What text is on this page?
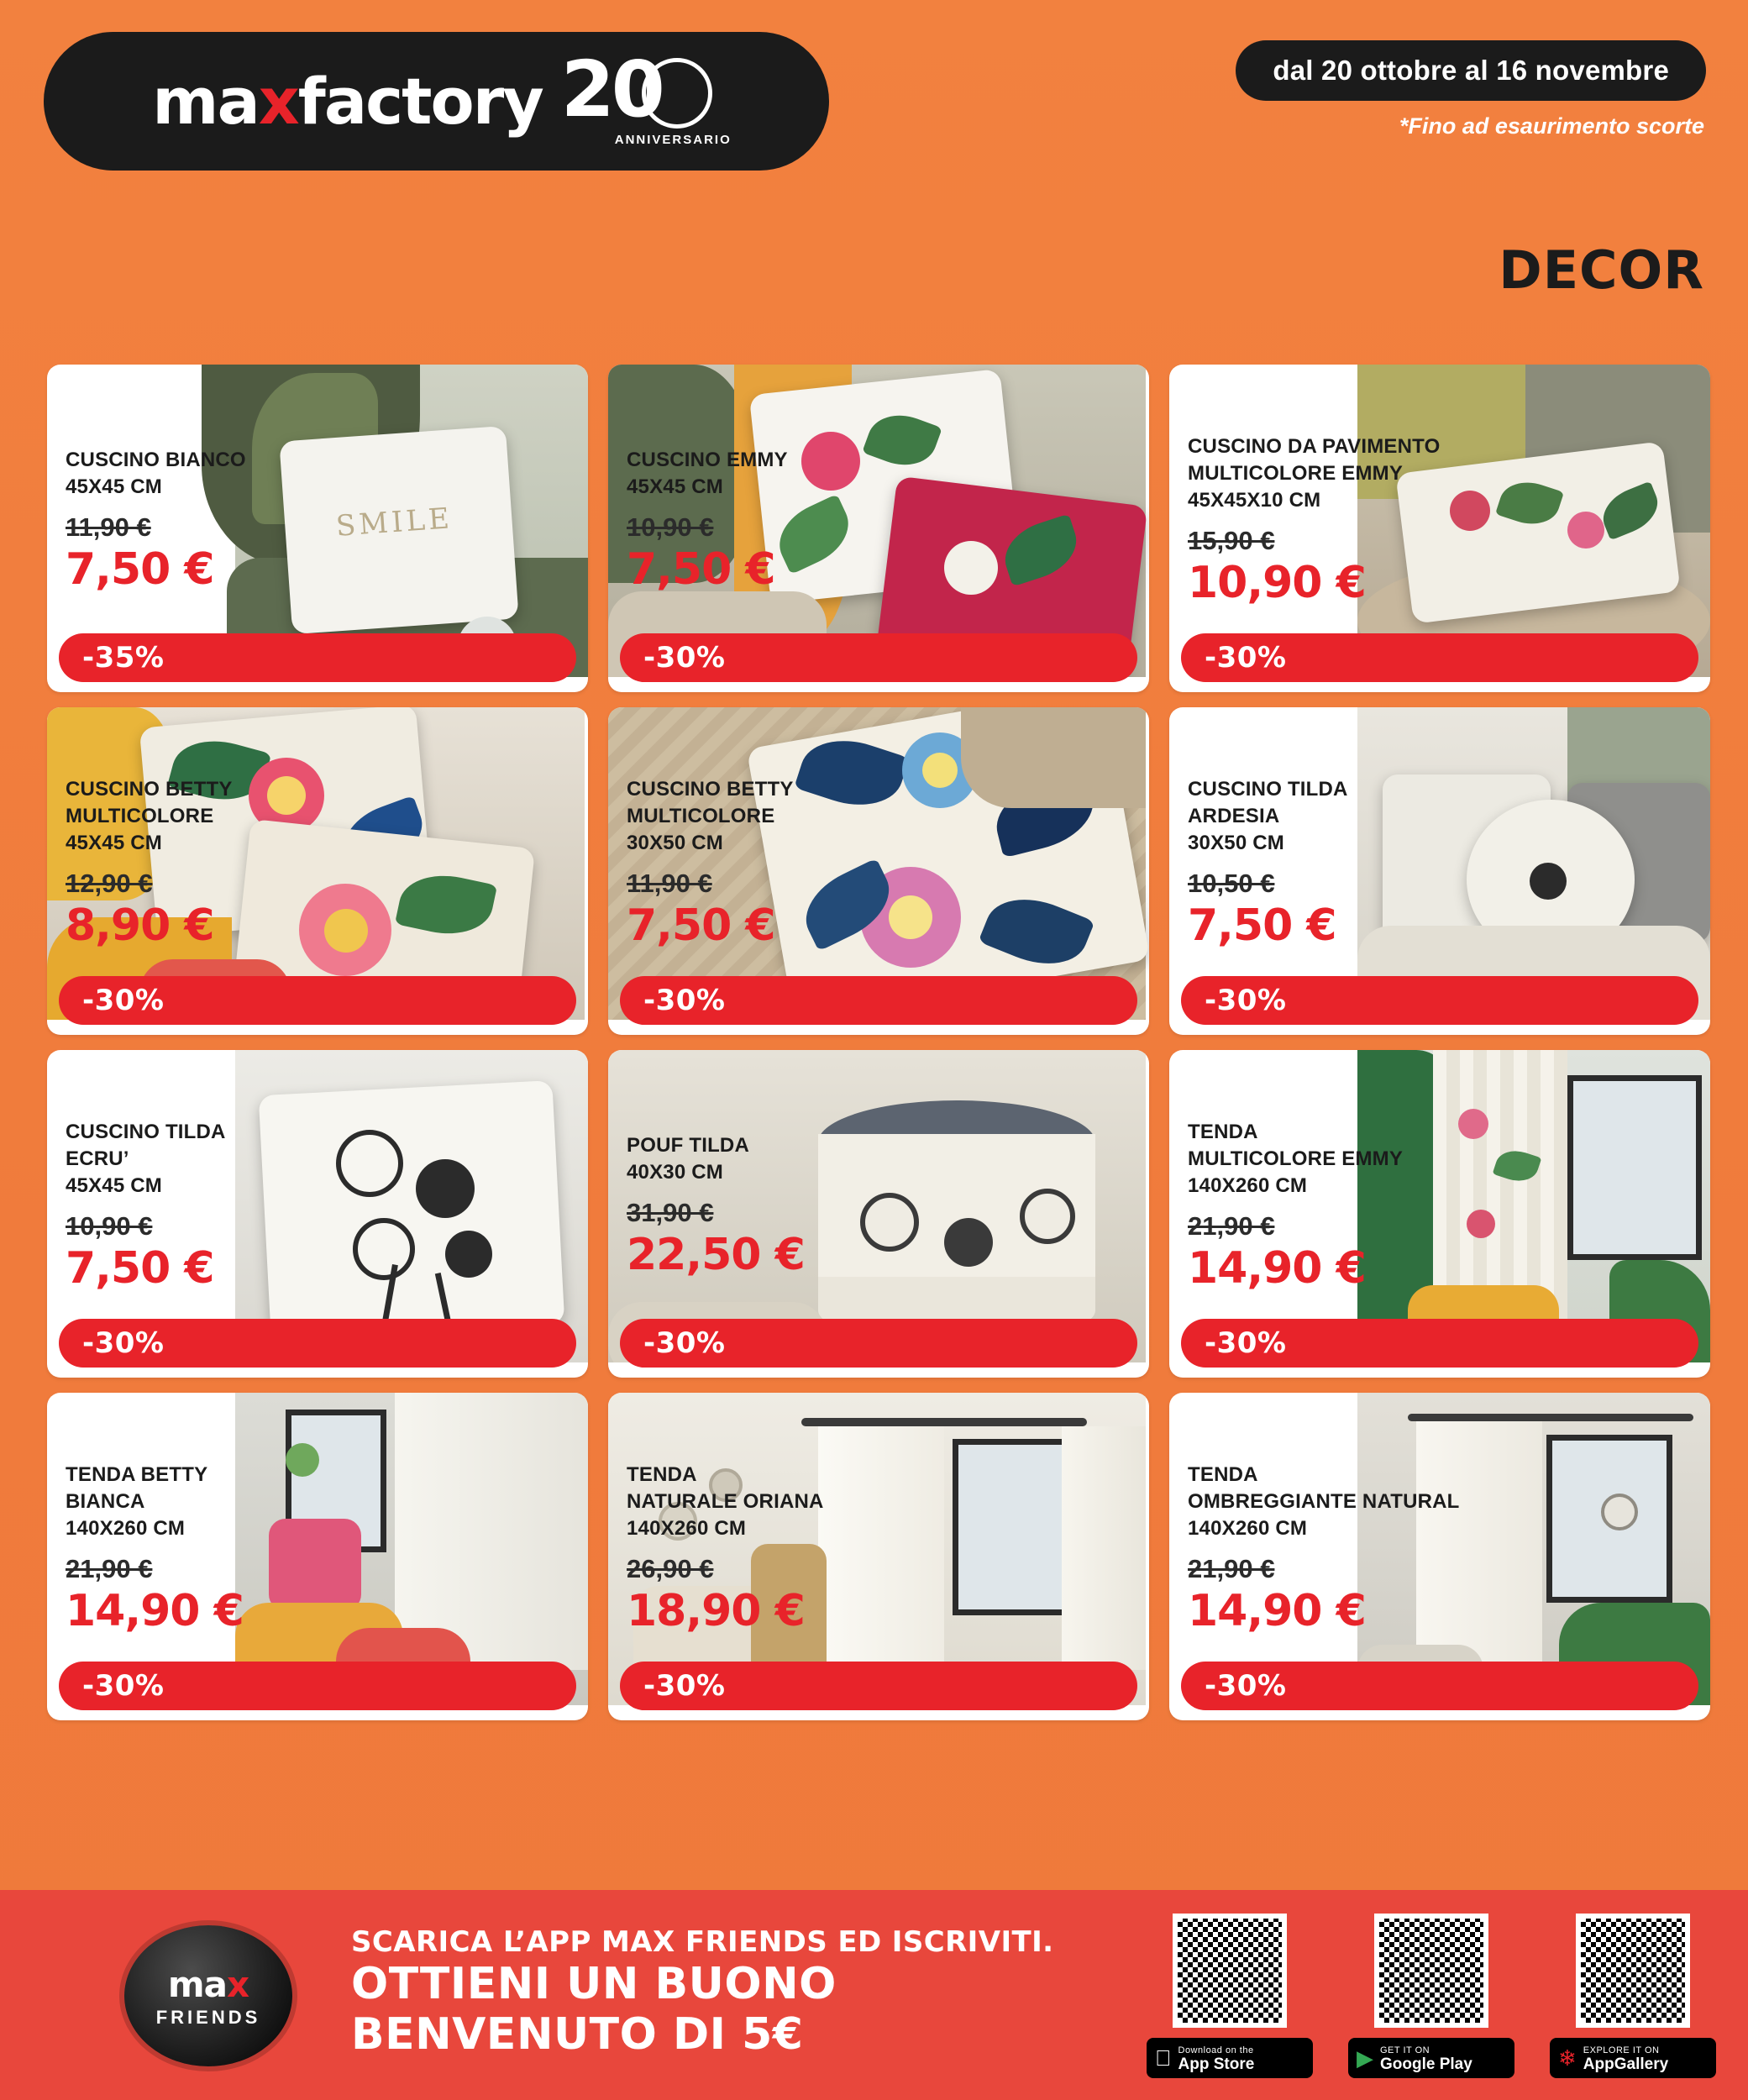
maxfactory 20
ANNIVERSARIO
dal 20 ottobre al 16 novembre
*Fino ad esaurimento scorte
DECOR
SMILE
CUSCINO BIANCO
45X45 CM
11,90 €
7,50 €
-35%
CUSCINO EMMY
45X45 CM
10,90 €
7,50 €
-30%
CUSCINO DA PAVIMENTO
MULTICOLORE EMMY
45X45X10 CM
15,90 €
10,90 €
-30%
CUSCINO BETTY
MULTICOLORE
45X45 CM
12,90 €
8,90 €
-30%
CUSCINO BETTY
MULTICOLORE
30X50 CM
11,90 €
7,50 €
-30%
CUSCINO TILDA
ARDESIA
30X50 CM
10,50 €
7,50 €
-30%
CUSCINO TILDA
ECRU’
45X45 CM
10,90 €
7,50 €
-30%
POUF TILDA
40X30 CM
31,90 €
22,50 €
-30%
TENDA
MULTICOLORE EMMY
140X260 CM
21,90 €
14,90 €
-30%
TENDA BETTY
BIANCA
140X260 CM
21,90 €
14,90 €
-30%
TENDA
NATURALE ORIANA
140X260 CM
26,90 €
18,90 €
-30%
TENDA
OMBREGGIANTE NATURAL
140X260 CM
21,90 €
14,90 €
-30%
max
FRIENDS
SCARICA L’APP MAX FRIENDS ED ISCRIVITI.
OTTIENI UN BUONO
BENVENUTO DI 5€	Download on the
App Store	▶ GET IT ON
Google Play	❄ EXPLORE IT ON
AppGallery
